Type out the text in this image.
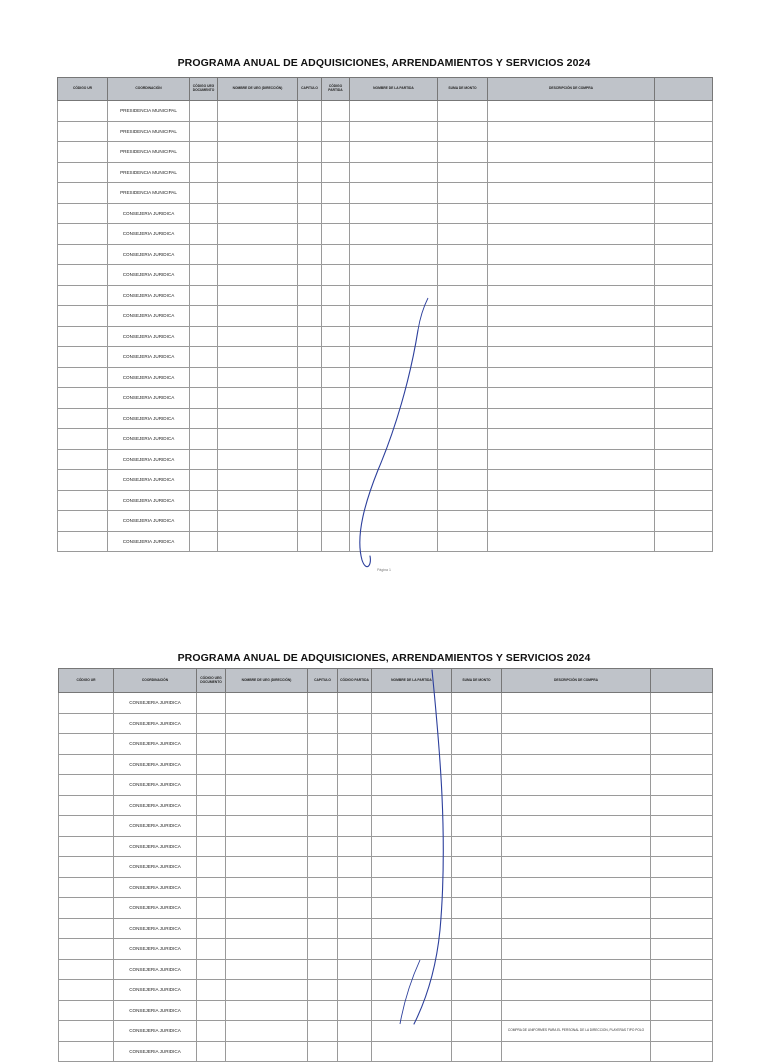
PROGRAMA ANUAL DE ADQUISICIONES, ARRENDAMIENTOS Y SERVICIOS 2024
CÓDIGO UR	COORDINACIÓN	CÓDIGO UEG DOCUMENTO	NOMBRE DE UEG (DIRECCIÓN)	CAPITULO	CÓDIGO PARTIDA	NOMBRE DE LA PARTIDA	SUMA DE MONTO	DESCRIPCIÓN DE COMPRA	
	PRESIDENCIA MUNICIPAL								
	PRESIDENCIA MUNICIPAL								
	PRESIDENCIA MUNICIPAL								
	PRESIDENCIA MUNICIPAL								
	PRESIDENCIA MUNICIPAL								
	CONSEJERIA JURIDICA								
	CONSEJERIA JURIDICA								
	CONSEJERIA JURIDICA								
	CONSEJERIA JURIDICA								
	CONSEJERIA JURIDICA								
	CONSEJERIA JURIDICA								
	CONSEJERIA JURIDICA								
	CONSEJERIA JURIDICA								
	CONSEJERIA JURIDICA								
	CONSEJERIA JURIDICA								
	CONSEJERIA JURIDICA								
	CONSEJERIA JURIDICA								
	CONSEJERIA JURIDICA								
	CONSEJERIA JURIDICA								
	CONSEJERIA JURIDICA								
	CONSEJERIA JURIDICA								
	CONSEJERIA JURIDICA								
Página 1
PROGRAMA ANUAL DE ADQUISICIONES, ARRENDAMIENTOS Y SERVICIOS 2024
CÓDIGO UR	COORDINACIÓN	CÓDIGO UEG DOCUMENTO	NOMBRE DE UEG (DIRECCIÓN)	CAPITULO	CÓDIGO PARTIDA	NOMBRE DE LA PARTIDA	SUMA DE MONTO	DESCRIPCIÓN DE COMPRA	
	CONSEJERIA JURIDICA								
	CONSEJERIA JURIDICA								
	CONSEJERIA JURIDICA								
	CONSEJERIA JURIDICA								
	CONSEJERIA JURIDICA								
	CONSEJERIA JURIDICA								
	CONSEJERIA JURIDICA								
	CONSEJERIA JURIDICA								
	CONSEJERIA JURIDICA								
	CONSEJERIA JURIDICA								
	CONSEJERIA JURIDICA								
	CONSEJERIA JURIDICA								
	CONSEJERIA JURIDICA								
	CONSEJERIA JURIDICA								
	CONSEJERIA JURIDICA								
	CONSEJERIA JURIDICA								
	CONSEJERIA JURIDICA							COMPRA DE UNIFORMES PARA EL PERSONAL DE LA DIRECCION, PLAYERAS TIPO POLO	
	CONSEJERIA JURIDICA								
